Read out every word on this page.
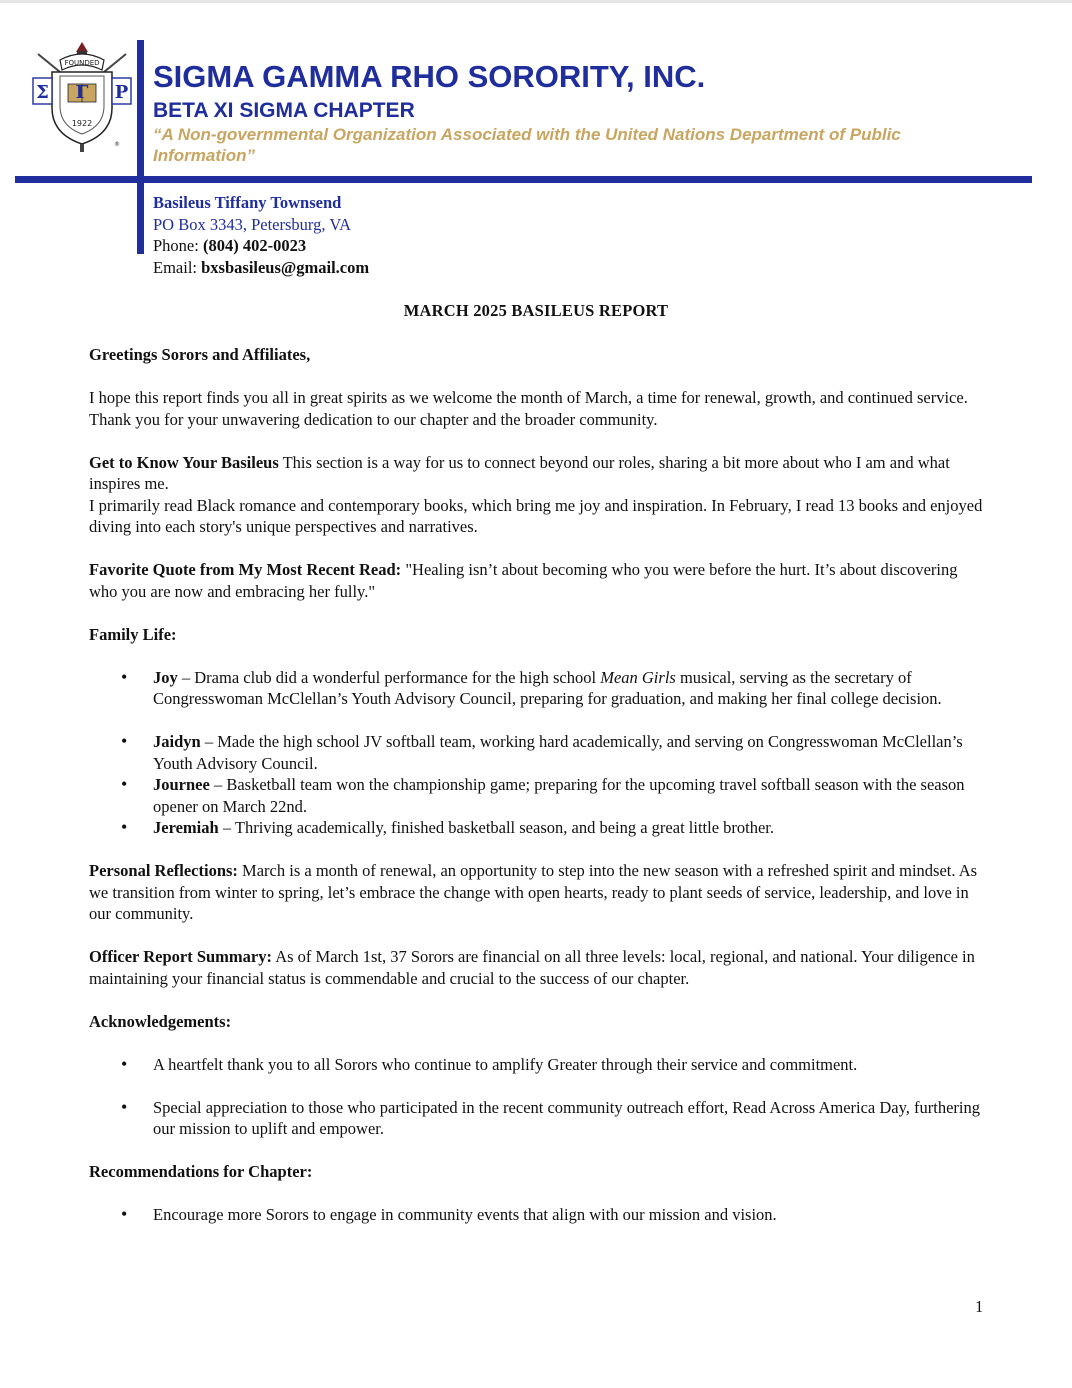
FOUNDED
Σ Γ Ρ
1922
®
SIGMA GAMMA RHO SORORITY, INC.
BETA XI SIGMA CHAPTER

“A Non-governmental Organization Associated with the United Nations Department of Public Information”

Basileus Tiffany Townsend
PO Box 3343, Petersburg, VA
Phone: (804) 402-0023
Email: bxsbasileus@gmail.com
MARCH 2025 BASILEUS REPORT

Greetings Sorors and Affiliates,

I hope this report finds you all in great spirits as we welcome the month of March, a time for renewal, growth, and continued service. Thank you for your unwavering dedication to our chapter and the broader community.

Get to Know Your Basileus This section is a way for us to connect beyond our roles, sharing a bit more about who I am and what inspires me.

I primarily read Black romance and contemporary books, which bring me joy and inspiration. In February, I read 13 books and enjoyed diving into each story's unique perspectives and narratives.

Favorite Quote from My Most Recent Read: "Healing isn’t about becoming who you were before the hurt. It’s about discovering who you are now and embracing her fully."

Family Life:

• Joy – Drama club did a wonderful performance for the high school Mean Girls musical, serving as the secretary of Congresswoman McClellan’s Youth Advisory Council, preparing for graduation, and making her final college decision.
• Jaidyn – Made the high school JV softball team, working hard academically, and serving on Congresswoman McClellan’s Youth Advisory Council.
• Journee – Basketball team won the championship game; preparing for the upcoming travel softball season with the season opener on March 22nd.
• Jeremiah – Thriving academically, finished basketball season, and being a great little brother.

Personal Reflections: March is a month of renewal, an opportunity to step into the new season with a refreshed spirit and mindset. As we transition from winter to spring, let’s embrace the change with open hearts, ready to plant seeds of service, leadership, and love in our community.

Officer Report Summary: As of March 1st, 37 Sorors are financial on all three levels: local, regional, and national. Your diligence in maintaining your financial status is commendable and crucial to the success of our chapter.

Acknowledgements:

• A heartfelt thank you to all Sorors who continue to amplify Greater through their service and commitment.
• Special appreciation to those who participated in the recent community outreach effort, Read Across America Day, furthering our mission to uplift and empower.

Recommendations for Chapter:

• Encourage more Sorors to engage in community events that align with our mission and vision.
1
